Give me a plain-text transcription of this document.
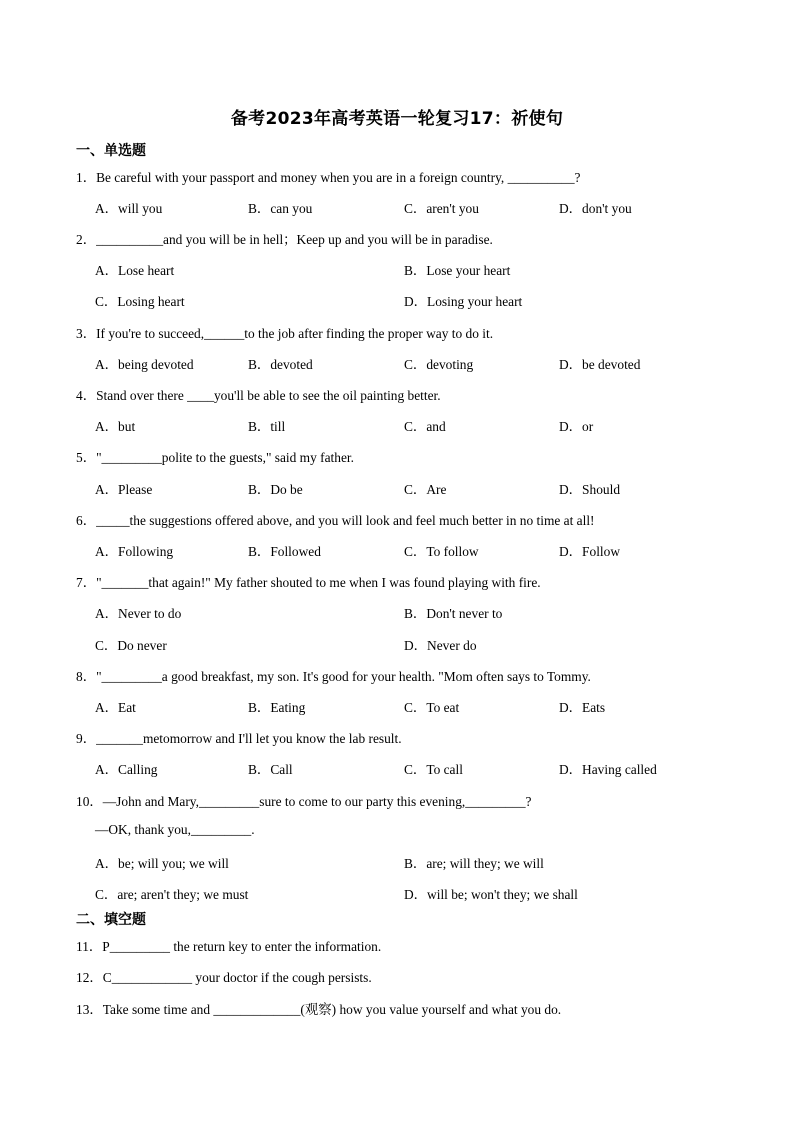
备考2023年高考英语一轮复习17：祈使句
一、单选题
1．Be careful with your passport and money when you are in a foreign country, __________?
A．will you	B．can you	C．aren't you	D．don't you
2．__________and you will be in hell；Keep up and you will be in paradise.
A．Lose heart	B．Lose your heart
C．Losing heart	D．Losing your heart
3．If you're to succeed,______to the job after finding the proper way to do it.
A．being devoted	B．devoted	C．devoting	D．be devoted
4．Stand over there ____you'll be able to see the oil painting better.
A．but	B．till	C．and	D．or
5．"_________polite to the guests," said my father.
A．Please	B．Do be	C．Are	D．Should
6．_____the suggestions offered above, and you will look and feel much better in no time at all!
A．Following	B．Followed	C．To follow	D．Follow
7．"_______that again!" My father shouted to me when I was found playing with fire.
A．Never to do	B．Don't never to
C．Do never	D．Never do
8．"_________a good breakfast, my son. It's good for your health. "Mom often says to Tommy.
A．Eat	B．Eating	C．To eat	D．Eats
9．_______metomorrow and I'll let you know the lab result.
A．Calling	B．Call	C．To call	D．Having called
10．—John and Mary,_________sure to come to our party this evening,_________?
—OK, thank you,_________.
A．be; will you; we will	B．are; will they; we will
C．are; aren't they; we must	D．will be; won't they; we shall
二、填空题
11．P_________ the return key to enter the information.
12．C____________ your doctor if the cough persists.
13．Take some time and _____________(观察) how you value yourself and what you do.
